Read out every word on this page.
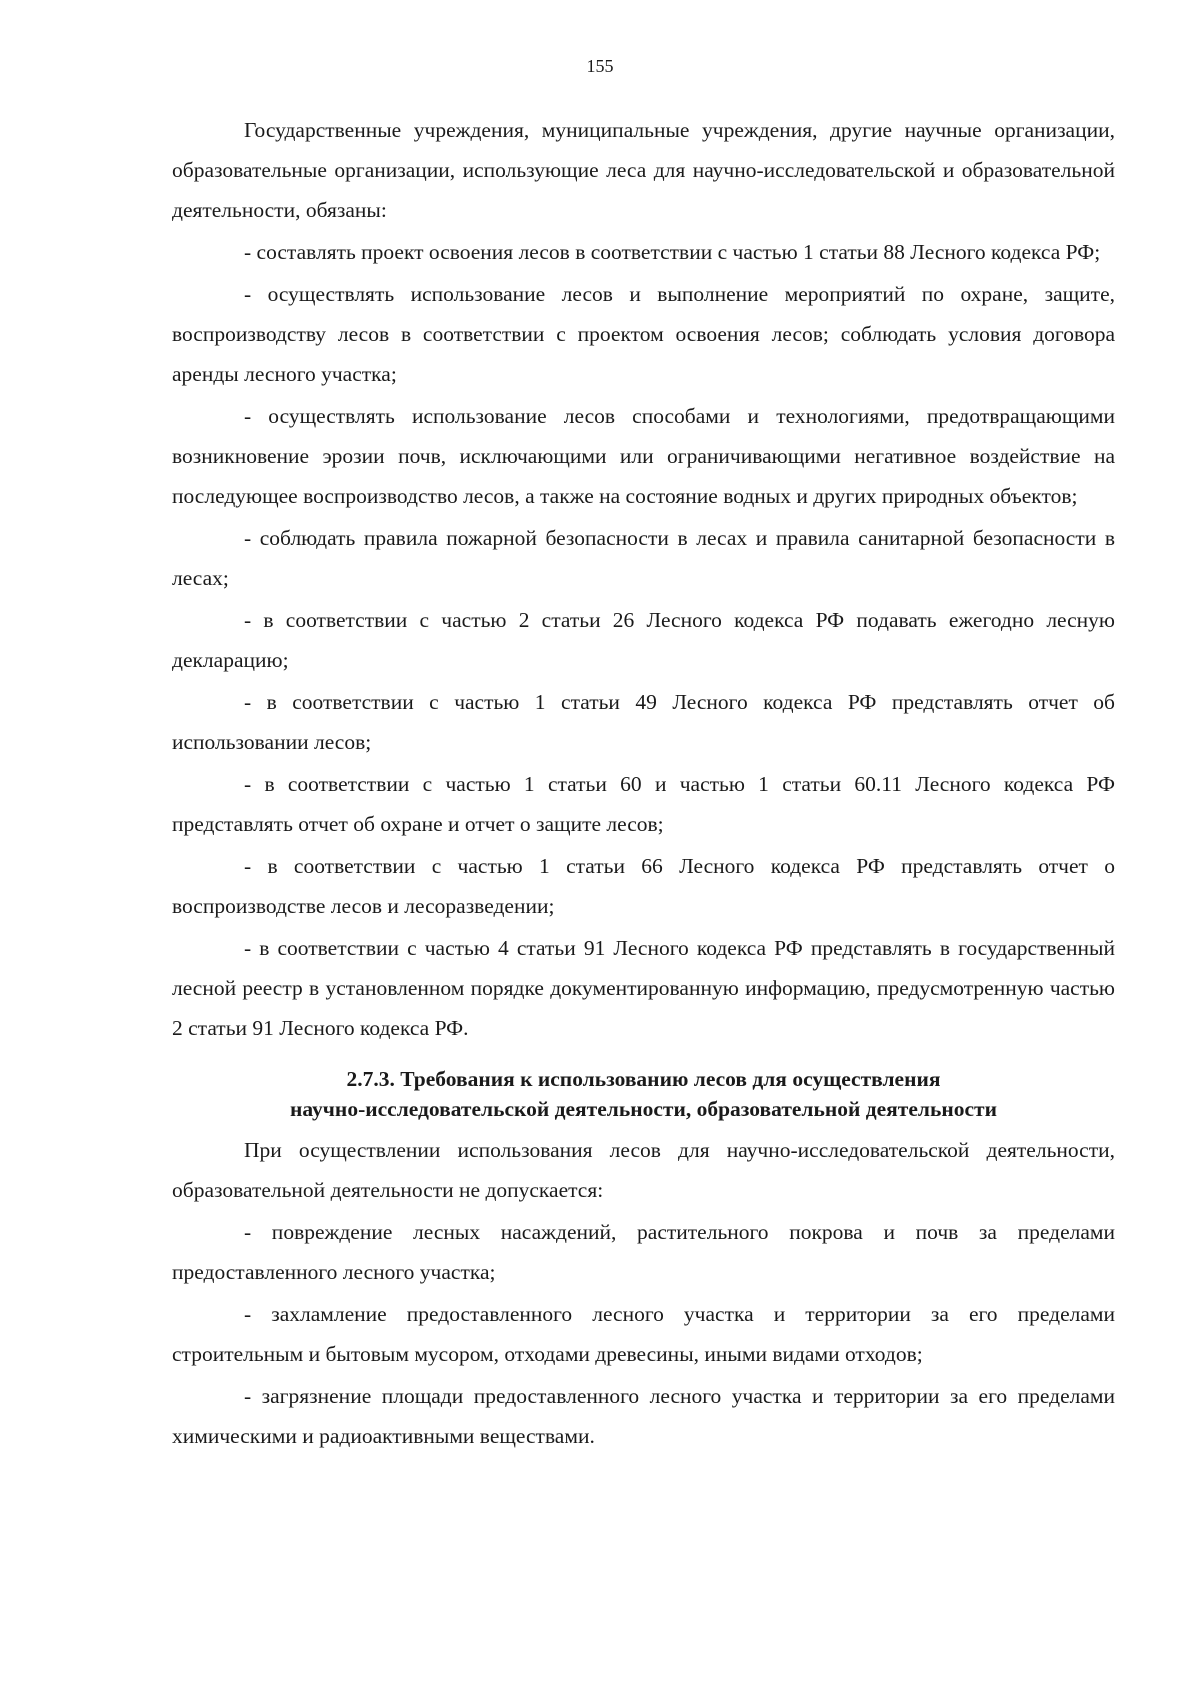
155

Государственные учреждения, муниципальные учреждения, другие научные организации, образовательные организации, использующие леса для научно-исследовательской и образовательной деятельности, обязаны:

- составлять проект освоения лесов в соответствии с частью 1 статьи 88 Лесного кодекса РФ;

- осуществлять использование лесов и выполнение мероприятий по охране, защите, воспроизводству лесов в соответствии с проектом освоения лесов; соблюдать условия договора аренды лесного участка;

- осуществлять использование лесов способами и технологиями, предотвращающими возникновение эрозии почв, исключающими или ограничивающими негативное воздействие на последующее воспроизводство лесов, а также на состояние водных и других природных объектов;

- соблюдать правила пожарной безопасности в лесах и правила санитарной безопасности в лесах;

- в соответствии с частью 2 статьи 26 Лесного кодекса РФ подавать ежегодно лесную декларацию;

- в соответствии с частью 1 статьи 49 Лесного кодекса РФ представлять отчет об использовании лесов;

- в соответствии с частью 1 статьи 60 и частью 1 статьи 60.11 Лесного кодекса РФ представлять отчет об охране и отчет о защите лесов;

- в соответствии с частью 1 статьи 66 Лесного кодекса РФ представлять отчет о воспроизводстве лесов и лесоразведении;

- в соответствии с частью 4 статьи 91 Лесного кодекса РФ представлять в государственный лесной реестр в установленном порядке документированную информацию, предусмотренную частью 2 статьи 91 Лесного кодекса РФ.

2.7.3. Требования к использованию лесов для осуществления
научно-исследовательской деятельности, образовательной деятельности

При осуществлении использования лесов для научно-исследовательской деятельности, образовательной деятельности не допускается:

- повреждение лесных насаждений, растительного покрова и почв за пределами предоставленного лесного участка;

- захламление предоставленного лесного участка и территории за его пределами строительным и бытовым мусором, отходами древесины, иными видами отходов;

- загрязнение площади предоставленного лесного участка и территории за его пределами химическими и радиоактивными веществами.
